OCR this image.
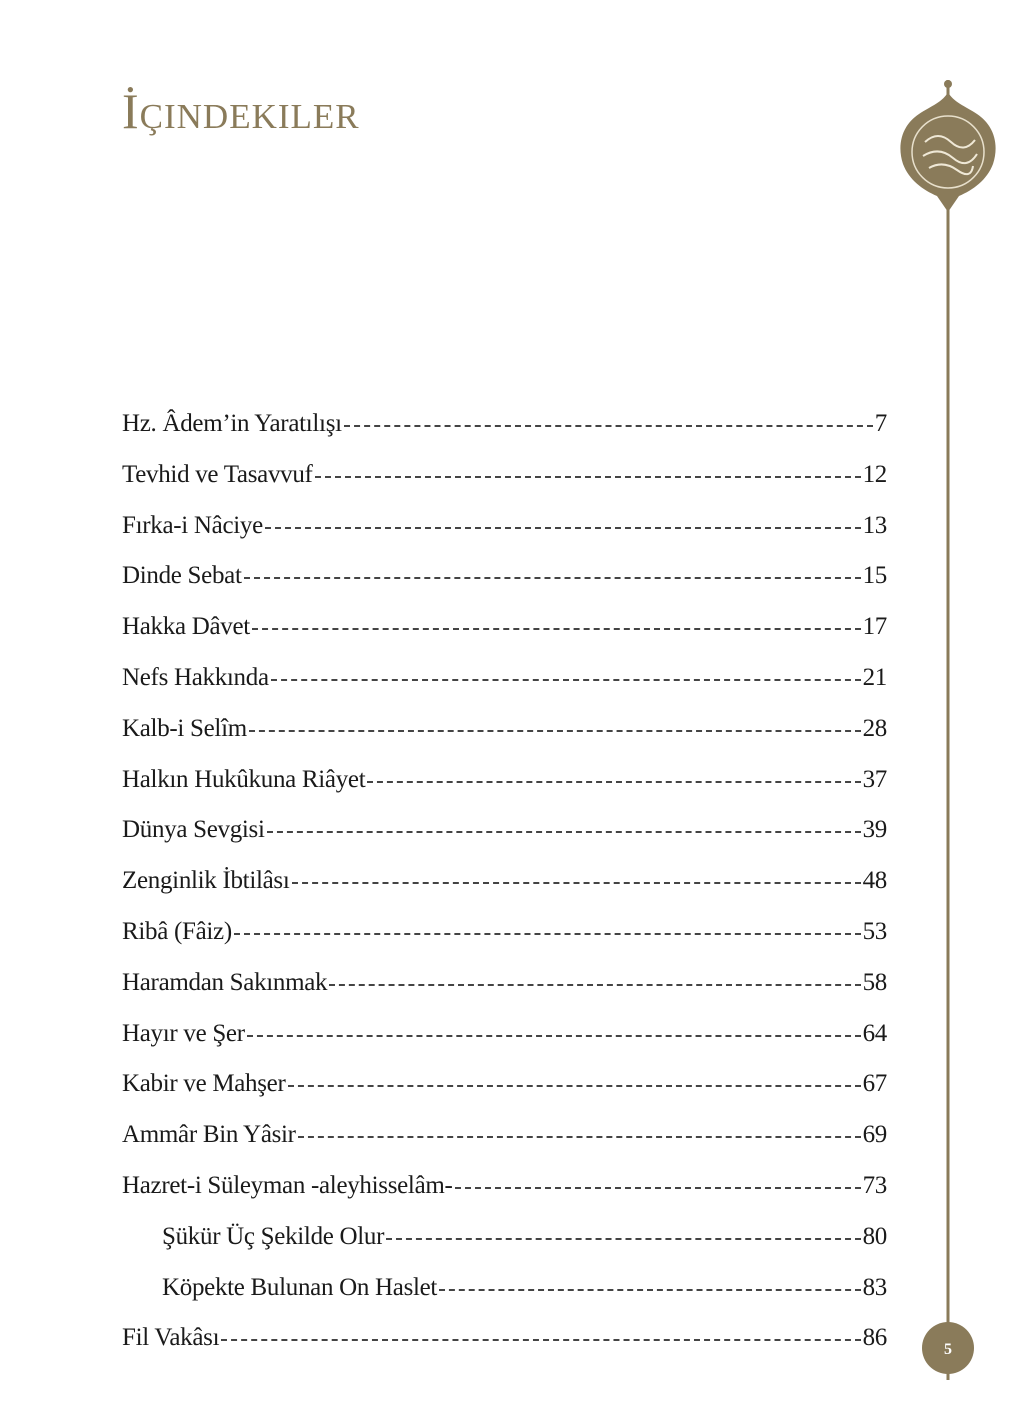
İçindekiler
5
Hz. Âdem’in Yaratılışı	7
Tevhid ve Tasavvuf	12
Fırka-i Nâciye	13
Dinde Sebat	15
Hakka Dâvet	17
Nefs Hakkında	21
Kalb-i Selîm	28
Halkın Hukûkuna Riâyet	37
Dünya Sevgisi	39
Zenginlik İbtilâsı	48
Ribâ (Fâiz)	53
Haramdan Sakınmak	58
Hayır ve Şer	64
Kabir ve Mahşer	67
Ammâr Bin Yâsir	69
Hazret-i Süleyman -aleyhisselâm-	73
Şükür Üç Şekilde Olur	80
Köpekte Bulunan On Haslet	83
Fil Vakâsı	86
